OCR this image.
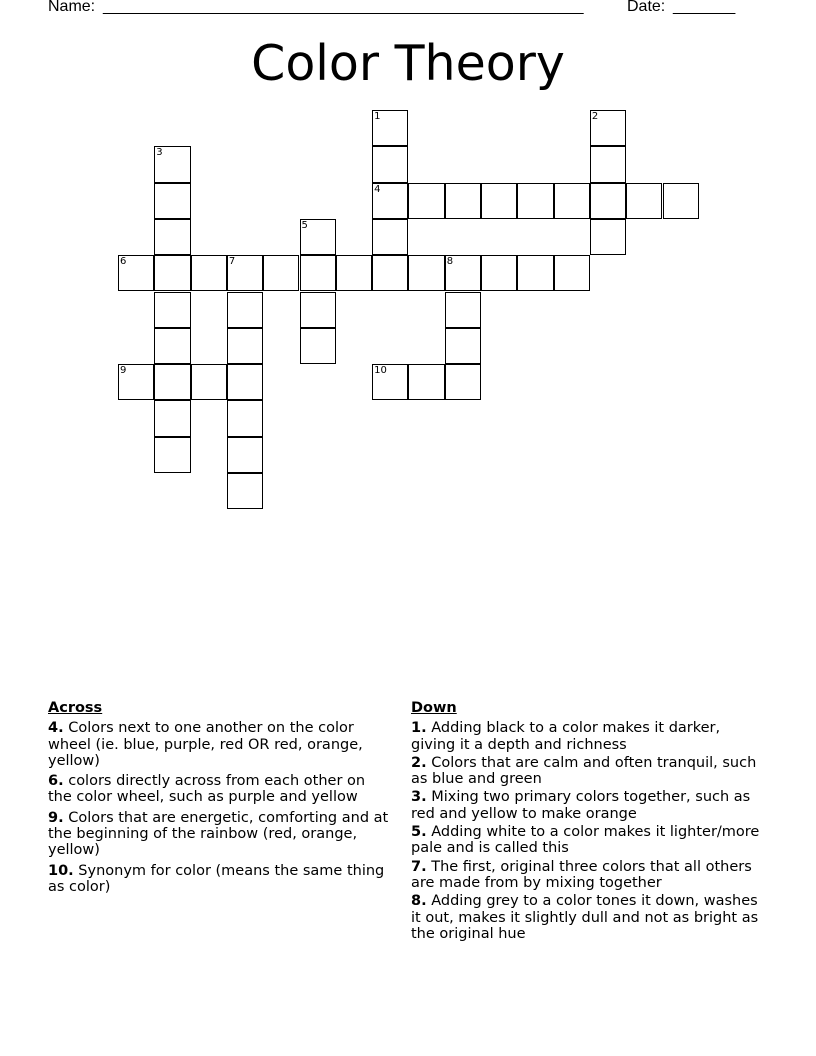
Name: ______________________________________________________	Date: _______
Color Theory
1	2
3
4
5
6	7	8
9	10
Across
4. Colors next to one another on the color wheel (ie. blue, purple, red OR red, orange, yellow)
6. colors directly across from each other on the color wheel, such as purple and yellow
9. Colors that are energetic, comforting and at the beginning of the rainbow (red, orange, yellow)
10. Synonym for color (means the same thing as color)
Down
1. Adding black to a color makes it darker, giving it a depth and richness
2. Colors that are calm and often tranquil, such as blue and green
3. Mixing two primary colors together, such as red and yellow to make orange
5. Adding white to a color makes it lighter/more pale and is called this
7. The first, original three colors that all others are made from by mixing together
8. Adding grey to a color tones it down, washes it out, makes it slightly dull and not as bright as the original hue
